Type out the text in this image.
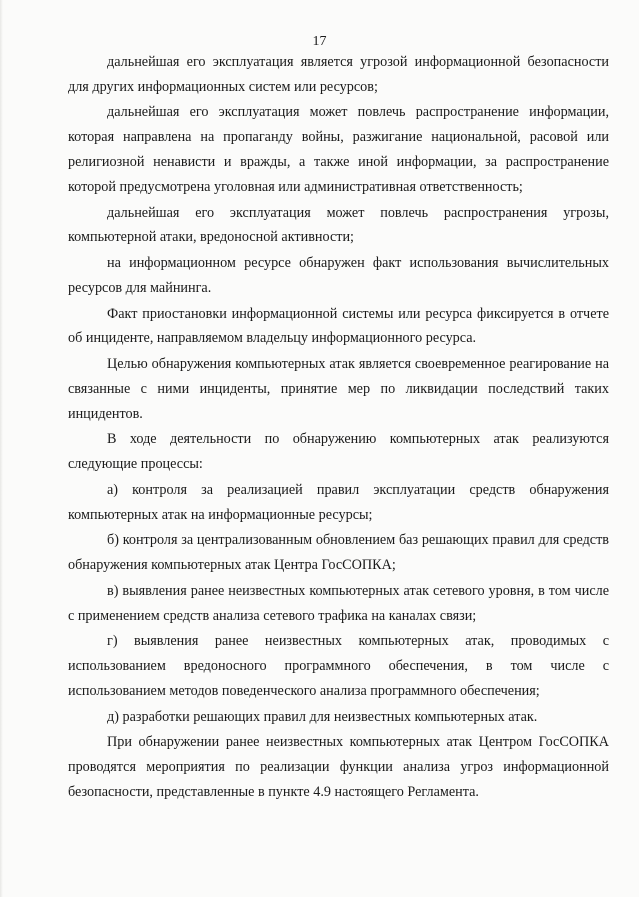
17

дальнейшая его эксплуатация является угрозой информационной безопасности для других информационных систем или ресурсов;

дальнейшая его эксплуатация может повлечь распространение информации, которая направлена на пропаганду войны, разжигание национальной, расовой или религиозной ненависти и вражды, а также иной информации, за распространение которой предусмотрена уголовная или административная ответственность;

дальнейшая его эксплуатация может повлечь распространения угрозы, компьютерной атаки, вредоносной активности;

на информационном ресурсе обнаружен факт использования вычислительных ресурсов для майнинга.

Факт приостановки информационной системы или ресурса фиксируется в отчете об инциденте, направляемом владельцу информационного ресурса.

Целью обнаружения компьютерных атак является своевременное реагирование на связанные с ними инциденты, принятие мер по ликвидации последствий таких инцидентов.

В ходе деятельности по обнаружению компьютерных атак реализуются следующие процессы:

а) контроля за реализацией правил эксплуатации средств обнаружения компьютерных атак на информационные ресурсы;

б) контроля за централизованным обновлением баз решающих правил для средств обнаружения компьютерных атак Центра ГосСОПКА;

в) выявления ранее неизвестных компьютерных атак сетевого уровня, в том числе с применением средств анализа сетевого трафика на каналах связи;

г) выявления ранее неизвестных компьютерных атак, проводимых с использованием вредоносного программного обеспечения, в том числе с использованием методов поведенческого анализа программного обеспечения;

д) разработки решающих правил для неизвестных компьютерных атак.

При обнаружении ранее неизвестных компьютерных атак Центром ГосСОПКА проводятся мероприятия по реализации функции анализа угроз информационной безопасности, представленные в пункте 4.9 настоящего Регламента.
